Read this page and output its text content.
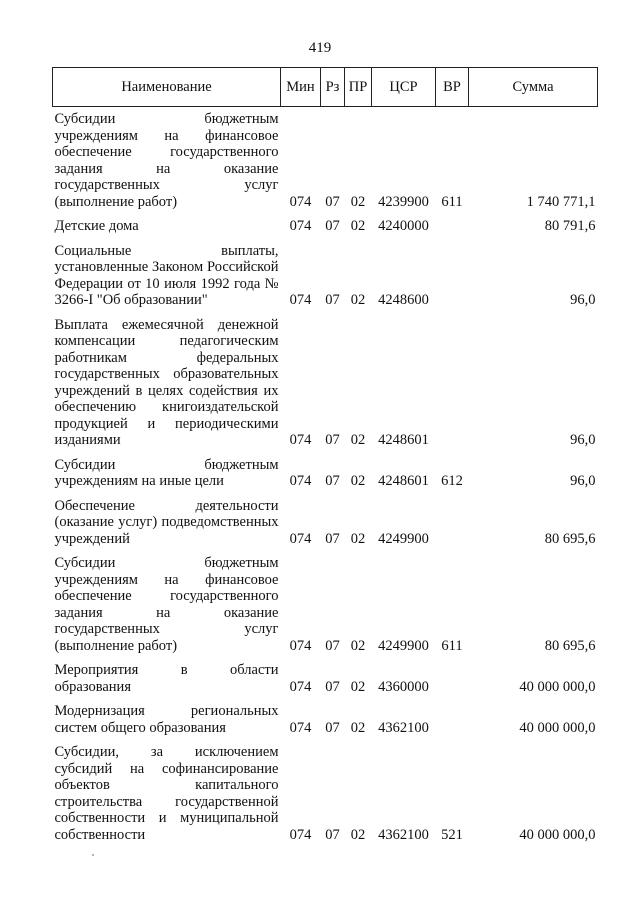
419
Наименование	Мин	Рз	ПР	ЦСР	ВР	Сумма
Субсидии бюджетным учреждениям на финансовое обеспечение государственного задания на оказание государственных услуг (выполнение работ)	074	07	02	4239900	611	1 740 771,1
Детские дома	074	07	02	4240000		80 791,6
Социальные выплаты, установленные Законом Российской Федерации от 10 июля 1992 года № 3266-I "Об образовании"	074	07	02	4248600		96,0
Выплата ежемесячной денежной компенсации педагогическим работникам федеральных государственных образовательных учреждений в целях содействия их обеспечению книгоиздательской продукцией и периодическими изданиями	074	07	02	4248601		96,0
Субсидии бюджетным учреждениям на иные цели	074	07	02	4248601	612	96,0
Обеспечение деятельности (оказание услуг) подведомственных учреждений	074	07	02	4249900		80 695,6
Субсидии бюджетным учреждениям на финансовое обеспечение государственного задания на оказание государственных услуг (выполнение работ)	074	07	02	4249900	611	80 695,6
Мероприятия в области образования	074	07	02	4360000		40 000 000,0
Модернизация региональных систем общего образования	074	07	02	4362100		40 000 000,0
Субсидии, за исключением субсидий на софинансирование объектов капитального строительства государственной собственности и муниципальной собственности	074	07	02	4362100	521	40 000 000,0
